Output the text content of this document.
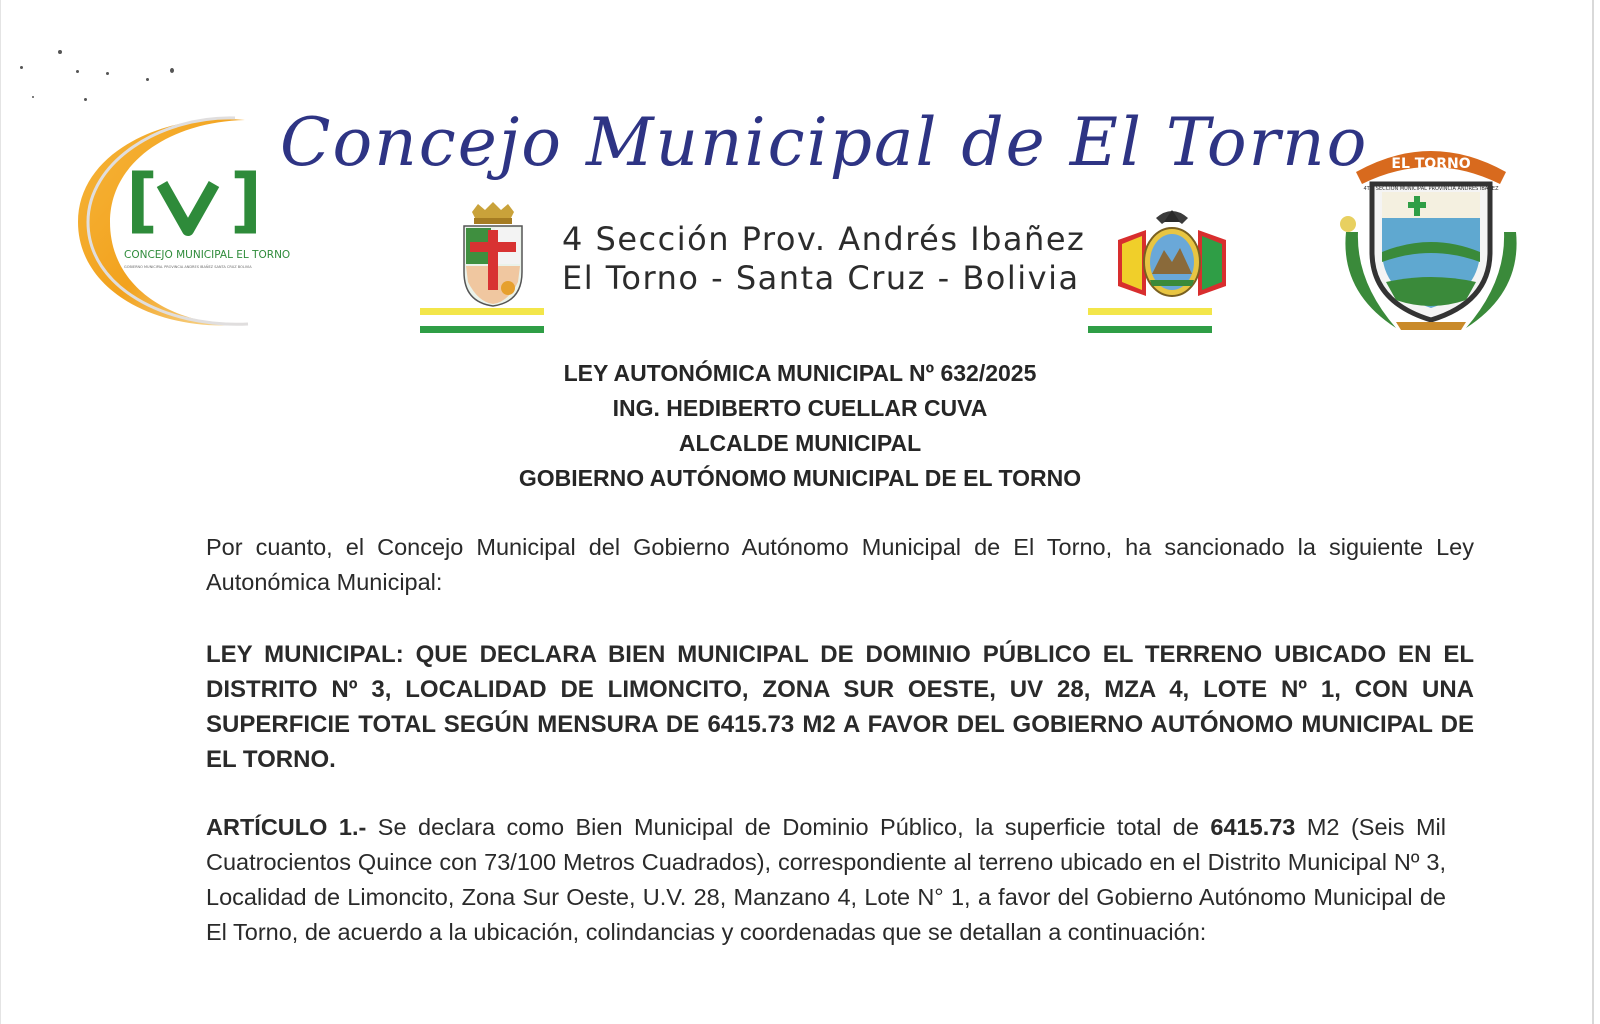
[ ]
CONCEJO MUNICIPAL EL TORNO
GOBIERNO MUNICIPAL PROVINCIA ANDRES IBAÑEZ SANTA CRUZ BOLIVIA
Concejo Municipal de El Torno
4 Sección Prov. Andrés Ibañez
El Torno - Santa Cruz - Bolivia
EL TORNO
4TA. SECCION MUNICIPAL PROVINCIA ANDRES IBAÑEZ
LEY AUTONÓMICA MUNICIPAL Nº 632/2025
ING. HEDIBERTO CUELLAR CUVA
ALCALDE MUNICIPAL
GOBIERNO AUTÓNOMO MUNICIPAL DE EL TORNO

Por cuanto, el Concejo Municipal del Gobierno Autónomo Municipal de El Torno, ha sancionado la siguiente Ley Autonómica Municipal:

LEY MUNICIPAL: QUE DECLARA BIEN MUNICIPAL DE DOMINIO PÚBLICO EL TERRENO UBICADO EN EL DISTRITO Nº 3, LOCALIDAD DE LIMONCITO, ZONA SUR OESTE, UV 28, MZA 4, LOTE Nº 1, CON UNA SUPERFICIE TOTAL SEGÚN MENSURA DE 6415.73 M2 A FAVOR DEL GOBIERNO AUTÓNOMO MUNICIPAL DE EL TORNO.

ARTÍCULO 1.- Se declara como Bien Municipal de Dominio Público, la superficie total de 6415.73 M2 (Seis Mil Cuatrocientos Quince con 73/100 Metros Cuadrados), correspondiente al terreno ubicado en el Distrito Municipal Nº 3, Localidad de Limoncito, Zona Sur Oeste, U.V. 28, Manzano 4, Lote N° 1, a favor del Gobierno Autónomo Municipal de El Torno, de acuerdo a la ubicación, colindancias y coordenadas que se detallan a continuación:
